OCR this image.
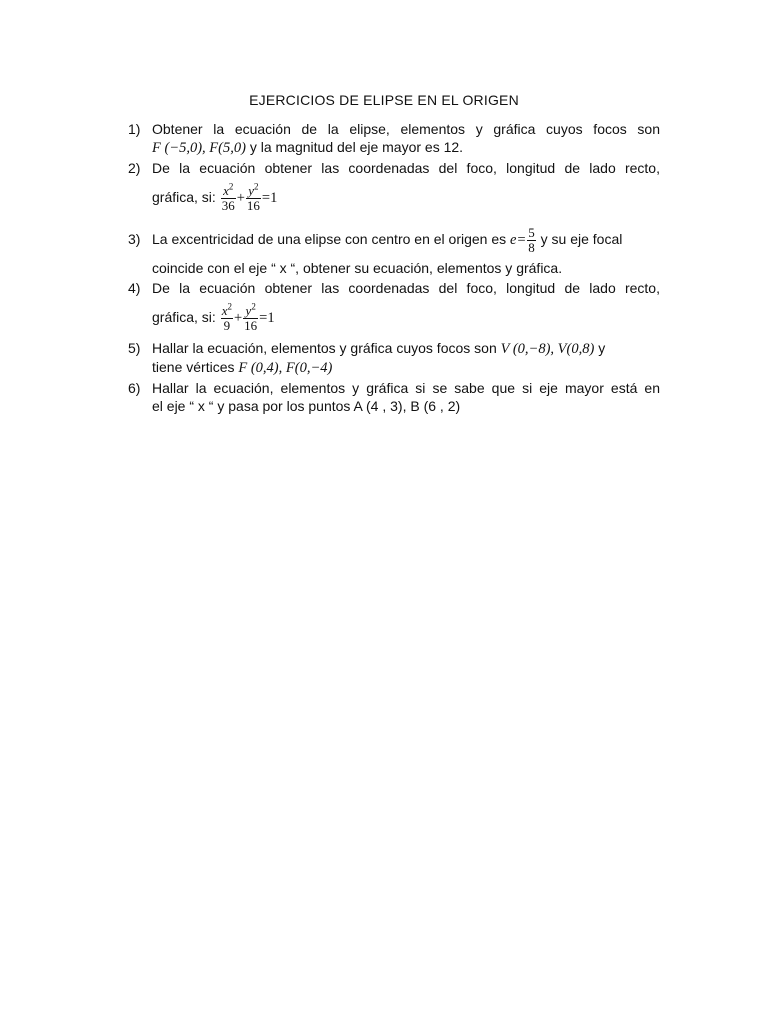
EJERCICIOS DE ELIPSE EN EL ORIGEN
1) Obtener la ecuación de la elipse, elementos y gráfica cuyos focos son
F (−5,0), F(5,0) y la magnitud del eje mayor es 12.
2) De la ecuación obtener las coordenadas del foco, longitud de lado recto,
gráfica, si: $\frac{x^2}{36} + \frac{y^2}{16} =1$
3) La excentricidad de una elipse con centro en el origen es $e= \frac{5}{8}$ y su eje focal
coincide con el eje “ x “, obtener su ecuación, elementos y gráfica.
4) De la ecuación obtener las coordenadas del foco, longitud de lado recto,
gráfica, si: $\frac{x^2}{9} + \frac{y^2}{16} =1$
5) Hallar la ecuación, elementos y gráfica cuyos focos son V (0,−8), V(0,8) y
tiene vértices F (0,4), F(0,−4)
6) Hallar la ecuación, elementos y gráfica si se sabe que si eje mayor está en
el eje “ x “ y pasa por los puntos A (4 , 3), B (6 , 2)
